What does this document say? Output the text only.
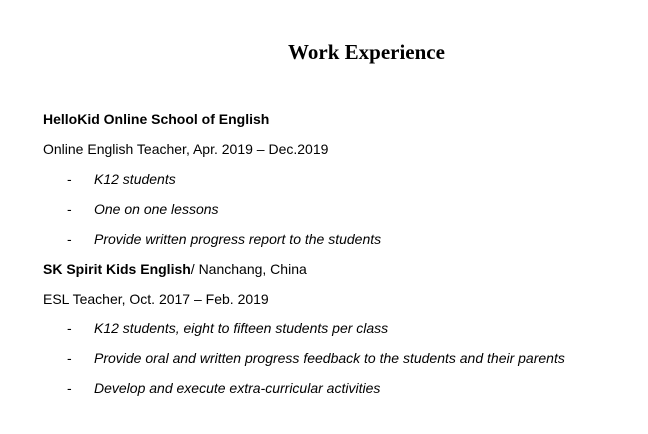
Work Experience
HelloKid Online School of English
Online English Teacher, Apr. 2019 – Dec.2019
- K12 students
- One on one lessons
- Provide written progress report to the students
SK Spirit Kids English/ Nanchang, China
ESL Teacher, Oct. 2017 – Feb. 2019
- K12 students, eight to fifteen students per class
- Provide oral and written progress feedback to the students and their parents
- Develop and execute extra-curricular activities
